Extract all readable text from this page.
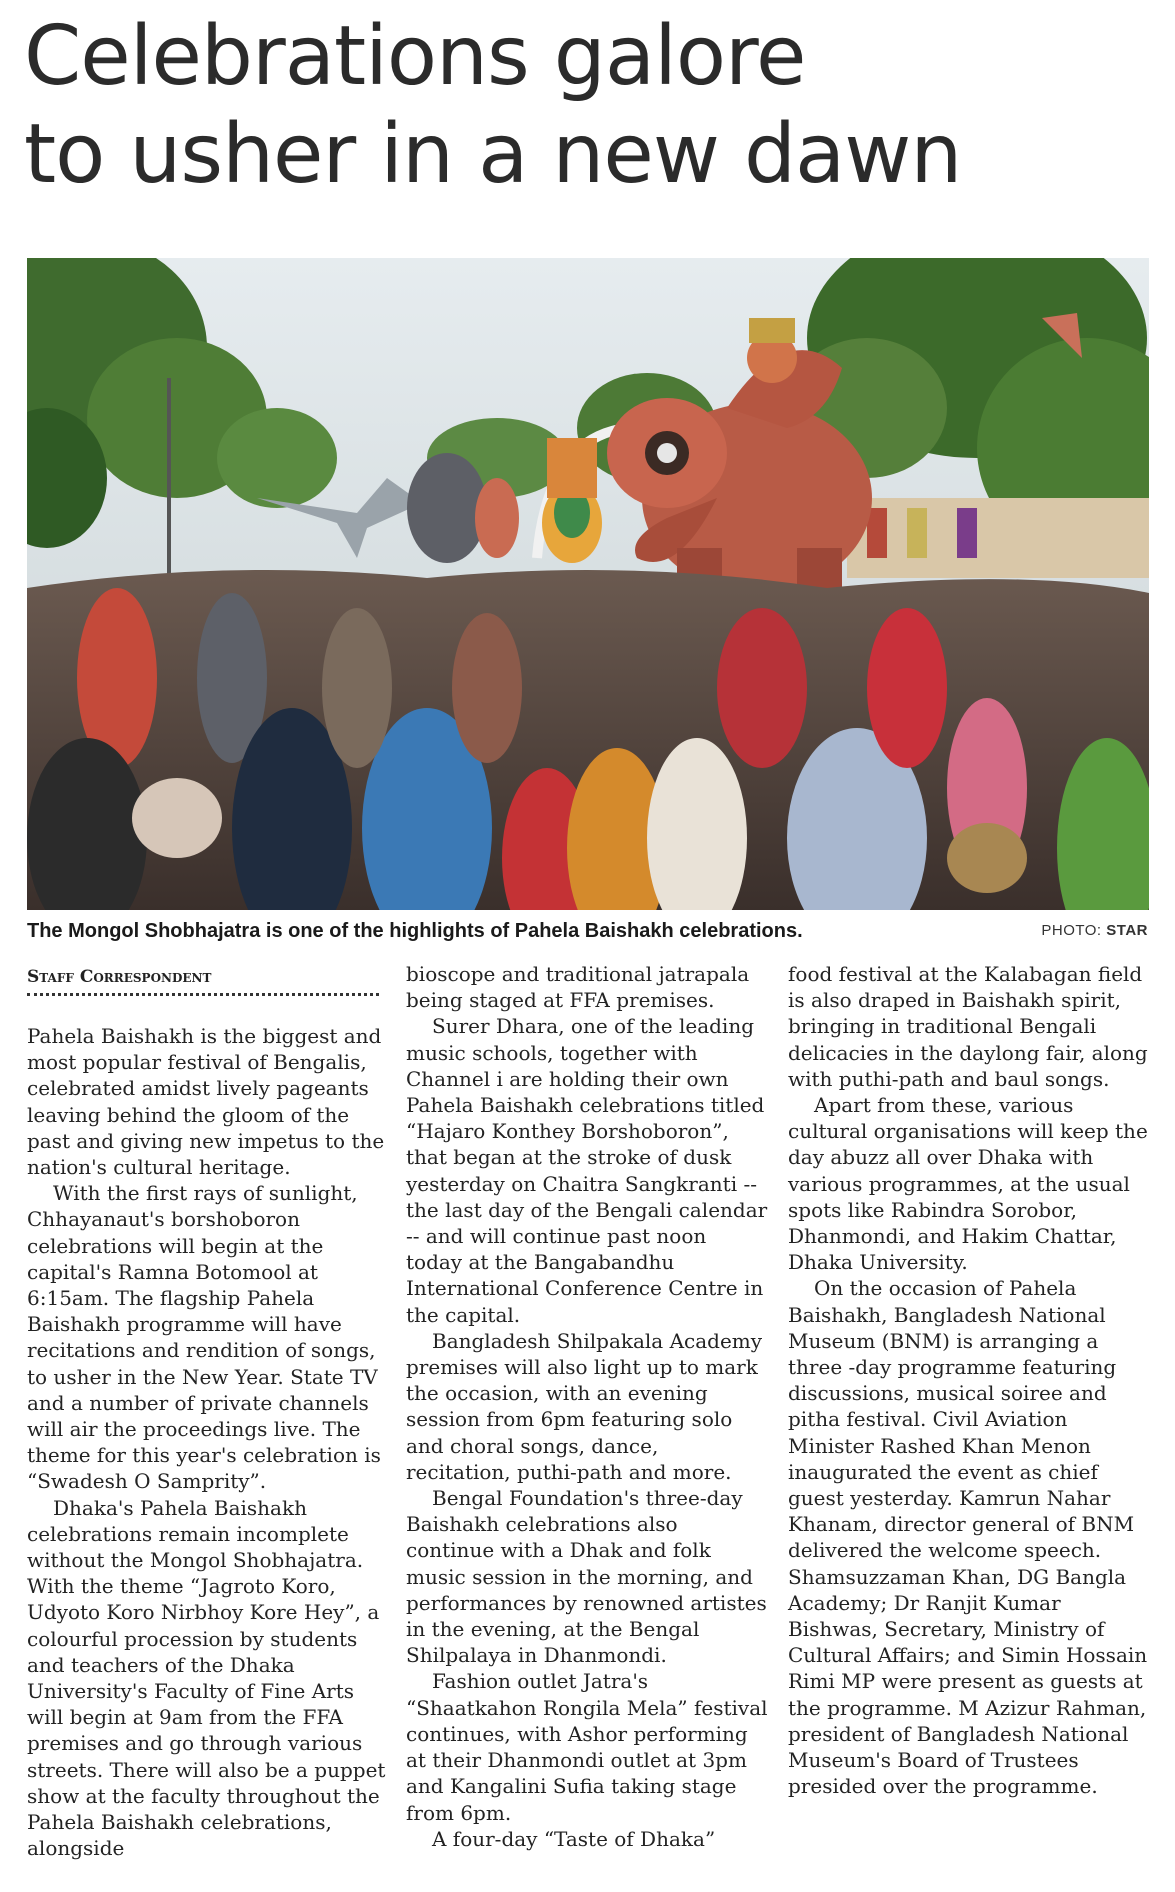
Celebrations galore
to usher in a new dawn
The Mongol Shobhajatra is one of the highlights of Pahela Baishakh celebrations.	PHOTO: STAR
Staff Correspondent

Pahela Baishakh is the biggest and most popular festival of Bengalis, celebrated amidst lively pageants leaving behind the gloom of the past and giving new impetus to the nation's cultural heritage.

With the first rays of sunlight, Chhayanaut's borshoboron celebrations will begin at the capital's Ramna Botomool at 6:15am. The flagship Pahela Baishakh programme will have recitations and rendition of songs, to usher in the New Year. State TV and a number of private channels will air the proceedings live. The theme for this year's celebration is “Swadesh O Samprity”.

Dhaka's Pahela Baishakh celebrations remain incomplete without the Mongol Shobhajatra. With the theme “Jagroto Koro, Udyoto Koro Nirbhoy Kore Hey”, a colourful procession by students and teachers of the Dhaka University's Faculty of Fine Arts will begin at 9am from the FFA premises and go through various streets. There will also be a puppet show at the faculty throughout the Pahela Baishakh celebrations, alongside

bioscope and traditional jatrapala being staged at FFA premises.

Surer Dhara, one of the leading music schools, together with Channel i are holding their own Pahela Baishakh celebrations titled “Hajaro Konthey Borshoboron”, that began at the stroke of dusk yesterday on Chaitra Sangkranti -- the last day of the Bengali calendar -- and will continue past noon today at the Bangabandhu International Conference Centre in the capital.

Bangladesh Shilpakala Academy premises will also light up to mark the occasion, with an evening session from 6pm featuring solo and choral songs, dance, recitation, puthi-path and more.

Bengal Foundation's three-day Baishakh celebrations also continue with a Dhak and folk music session in the morning, and performances by renowned artistes in the evening, at the Bengal Shilpalaya in Dhanmondi.

Fashion outlet Jatra's “Shaatkahon Rongila Mela” festival continues, with Ashor performing at their Dhanmondi outlet at 3pm and Kangalini Sufia taking stage from 6pm.

A four-day “Taste of Dhaka”

food festival at the Kalabagan field is also draped in Baishakh spirit, bringing in traditional Bengali delicacies in the daylong fair, along with puthi-path and baul songs.

Apart from these, various cultural organisations will keep the day abuzz all over Dhaka with various programmes, at the usual spots like Rabindra Sorobor, Dhanmondi, and Hakim Chattar, Dhaka University.

On the occasion of Pahela Baishakh, Bangladesh National Museum (BNM) is arranging a three -day programme featuring discussions, musical soiree and pitha festival. Civil Aviation Minister Rashed Khan Menon inaugurated the event as chief guest yesterday. Kamrun Nahar Khanam, director general of BNM delivered the welcome speech. Shamsuzzaman Khan, DG Bangla Academy; Dr Ranjit Kumar Bishwas, Secretary, Ministry of Cultural Affairs; and Simin Hossain Rimi MP were present as guests at the programme. M Azizur Rahman, president of Bangladesh National Museum's Board of Trustees presided over the programme.
